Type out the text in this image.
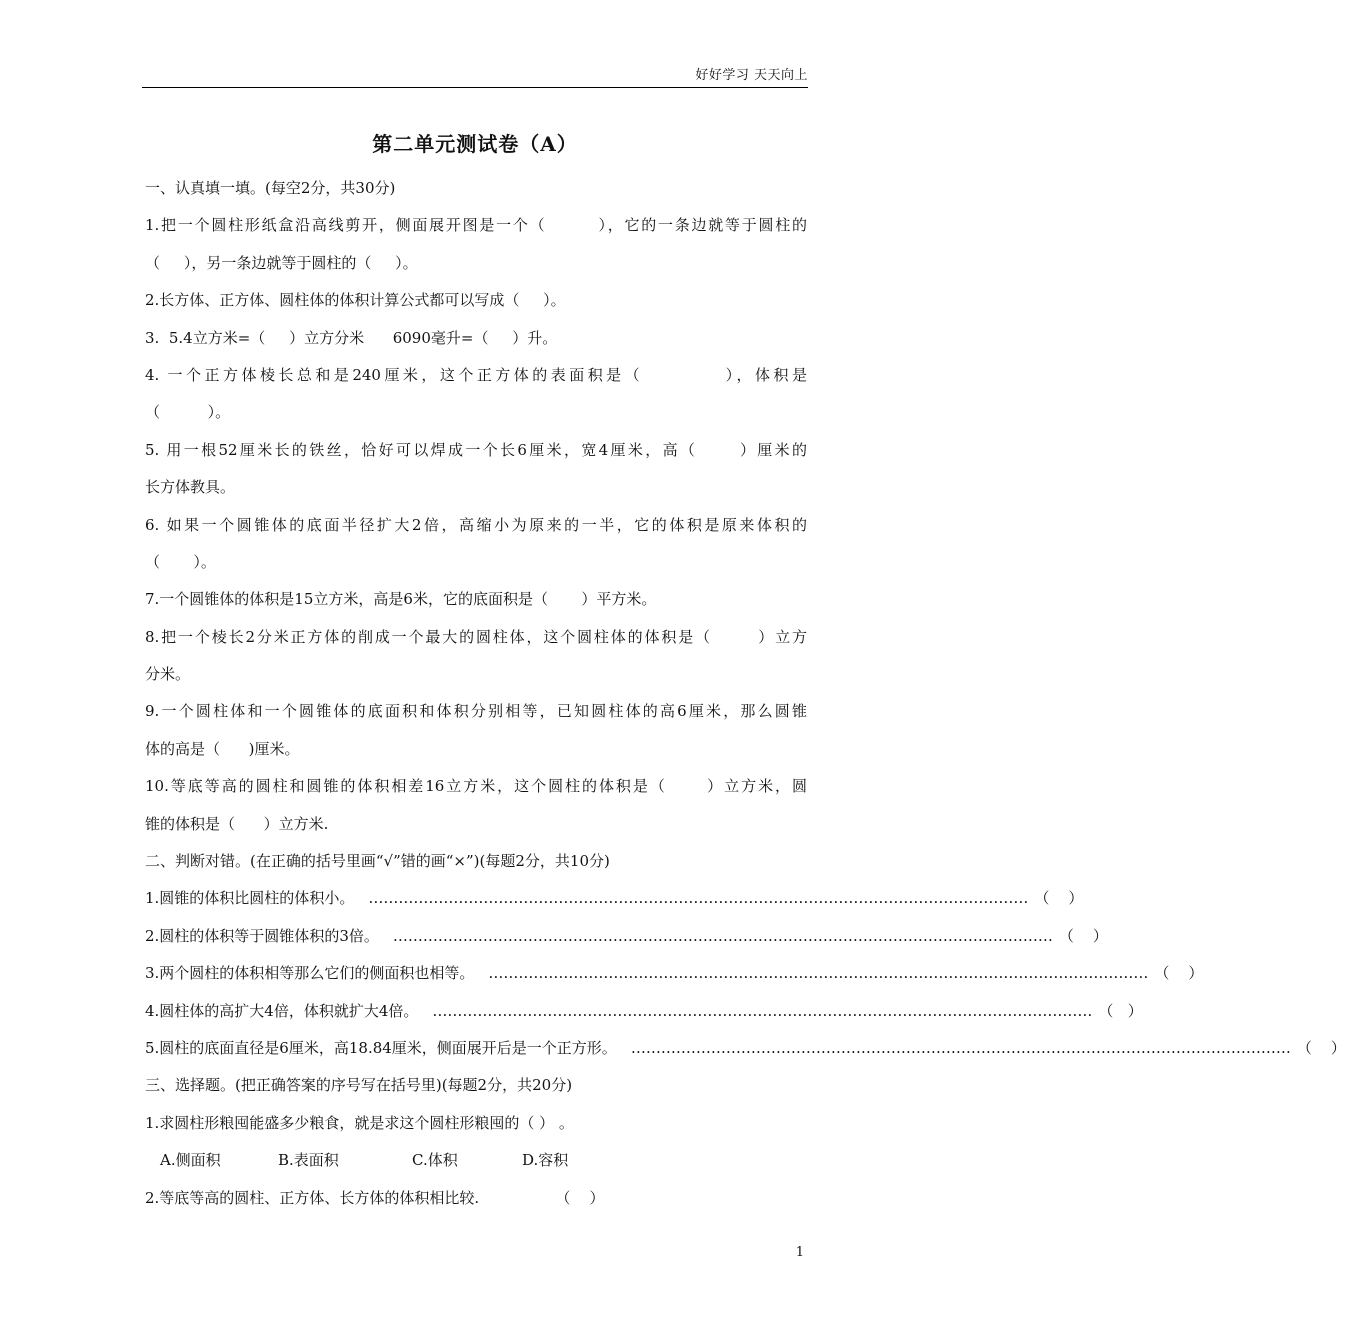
好好学习 天天向上
第二单元测试卷（A）
一、认真填一填。(每空2分，共30分)
1.把一个圆柱形纸盒沿高线剪开，侧面展开图是一个（        ），它的一条边就等于圆柱的
（     ），另一条边就等于圆柱的（     ）。
2.长方体、正方体、圆柱体的体积计算公式都可以写成（     ）。
3.  5.4立方米=（     ）立方分米      6090毫升=（     ）升。
4. 一个正方体棱长总和是240厘米，这个正方体的表面积是（          ），体积是
（          ）。
5. 用一根52厘米长的铁丝，恰好可以焊成一个长6厘米，宽4厘米，高（      ）厘米的
长方体教具。
6. 如果一个圆锥体的底面半径扩大2倍，高缩小为原来的一半，它的体积是原来体积的
（       ）。
7.一个圆锥体的体积是15立方米，高是6米，它的底面积是（       ）平方米。
8.把一个棱长2分米正方体的削成一个最大的圆柱体，这个圆柱体的体积是（       ）立方
分米。
9.一个圆柱体和一个圆锥体的底面积和体积分别相等，已知圆柱体的高6厘米，那么圆锥
体的高是（      )厘米。
10.等底等高的圆柱和圆锥的体积相差16立方米，这个圆柱的体积是（      ）立方米，圆
锥的体积是（      ）立方米.
二、判断对错。(在正确的括号里画“√”错的画“×”)(每题2分，共10分)
1.圆锥的体积比圆柱的体积小。 …………………………………………………………………………………………………………………… （    ）
2.圆柱的体积等于圆锥体积的3倍。 …………………………………………………………………………………………………………………… （    ）
3.两个圆柱的体积相等那么它们的侧面积也相等。 …………………………………………………………………………………………………………………… （    ）
4.圆柱体的高扩大4倍，体积就扩大4倍。 …………………………………………………………………………………………………………………… （   ）
5.圆柱的底面直径是6厘米，高18.84厘米，侧面展开后是一个正方形。 …………………………………………………………………………………………………………………… （    ）
三、选择题。(把正确答案的序号写在括号里)(每题2分，共20分)
1.求圆柱形粮囤能盛多少粮食，就是求这个圆柱形粮囤的（ ） 。
A.侧面积	B.表面积	C.体积	D.容积
2.等底等高的圆柱、正方体、长方体的体积相比较.                （    ）
1
